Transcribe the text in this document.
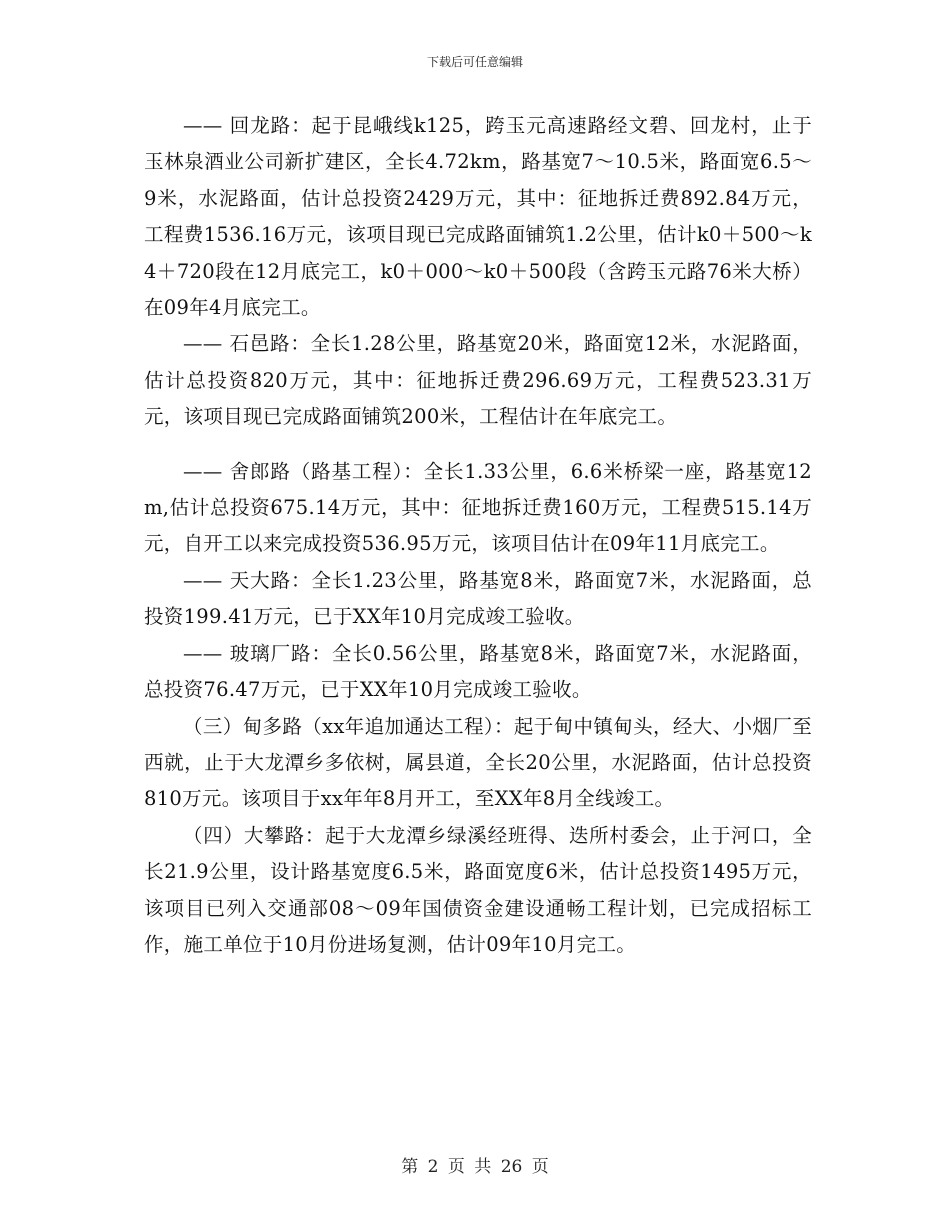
下载后可任意编辑

—— 回龙路：起于昆峨线k125，跨玉元高速路经文碧、回龙村，止于玉林泉酒业公司新扩建区，全长4.72km，路基宽7～10.5米，路面宽6.5～9米，水泥路面，估计总投资2429万元，其中：征地拆迁费892.84万元，工程费1536.16万元，该项目现已完成路面铺筑1.2公里，估计k0＋500～k4＋720段在12月底完工，k0＋000～k0＋500段（含跨玉元路76米大桥）在09年4月底完工。

—— 石邑路：全长1.28公里，路基宽20米，路面宽12米，水泥路面，估计总投资820万元，其中：征地拆迁费296.69万元，工程费523.31万元，该项目现已完成路面铺筑200米，工程估计在年底完工。

—— 舍郎路（路基工程）：全长1.33公里，6.6米桥梁一座，路基宽12m,估计总投资675.14万元，其中：征地拆迁费160万元，工程费515.14万元，自开工以来完成投资536.95万元，该项目估计在09年11月底完工。

—— 天大路：全长1.23公里，路基宽8米，路面宽7米，水泥路面，总投资199.41万元，已于XX年10月完成竣工验收。

—— 玻璃厂路：全长0.56公里，路基宽8米，路面宽7米，水泥路面，总投资76.47万元，已于XX年10月完成竣工验收。

（三）甸多路（xx年追加通达工程）：起于甸中镇甸头，经大、小烟厂至西就，止于大龙潭乡多依树，属县道，全长20公里，水泥路面，估计总投资810万元。该项目于xx年年8月开工，至XX年8月全线竣工。

（四）大攀路：起于大龙潭乡绿溪经班得、迭所村委会，止于河口，全长21.9公里，设计路基宽度6.5米，路面宽度6米，估计总投资1495万元，该项目已列入交通部08～09年国债资金建设通畅工程计划，已完成招标工作，施工单位于10月份进场复测，估计09年10月完工。

第 2 页 共 26 页
